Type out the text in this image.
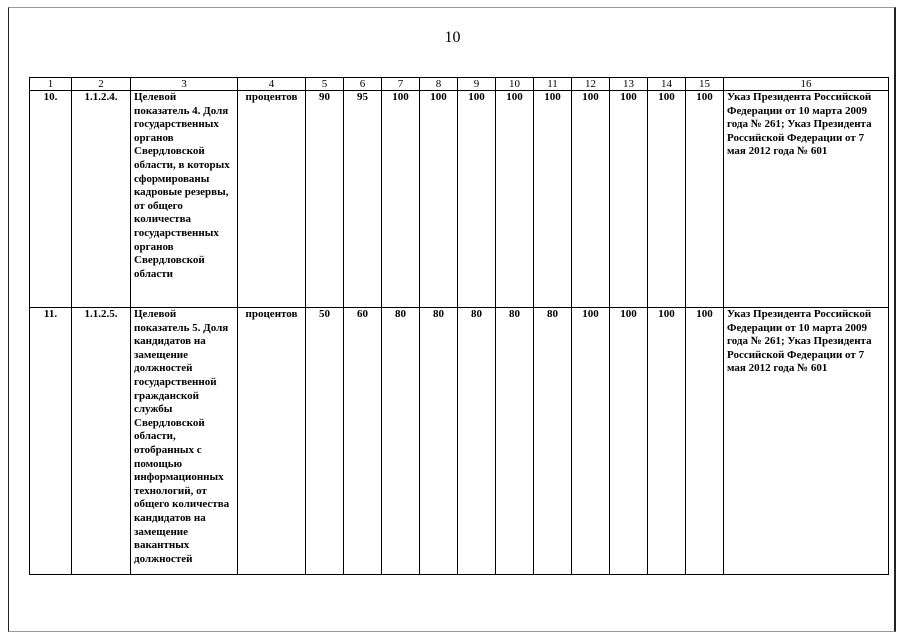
10
1	2	3	4	5	6	7	8	9	10	11	12	13	14	15	16
10.	1.1.2.4.	Целевой показатель 4. Доля государственных органов Свердловской области, в которых сформированы кадровые резервы, от общего количества государственных органов Свердловской области	процентов	90	95	100	100	100	100	100	100	100	100	100	Указ Президента Российской Федерации от 10 марта 2009 года № 261; Указ Президента Российской Федерации от 7 мая 2012 года № 601
11.	1.1.2.5.	Целевой показатель 5. Доля кандидатов на замещение должностей государственной гражданской службы Свердловской области, отобранных с помощью информационных технологий, от общего количества кандидатов на замещение вакантных должностей	процентов	50	60	80	80	80	80	80	100	100	100	100	Указ Президента Российской Федерации от 10 марта 2009 года № 261; Указ Президента Российской Федерации от 7 мая 2012 года № 601
